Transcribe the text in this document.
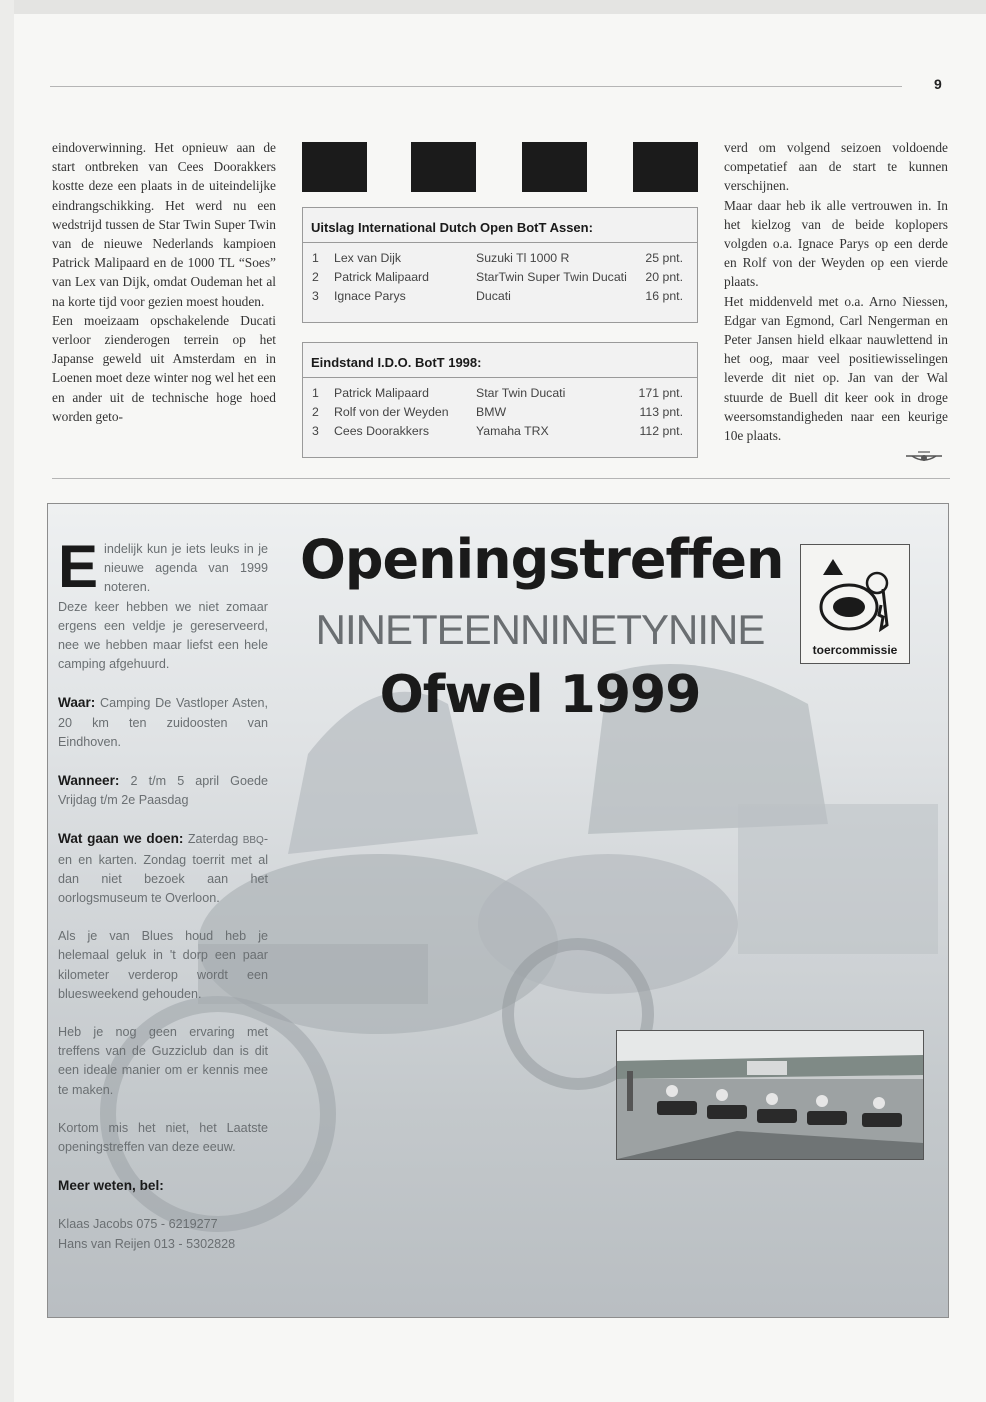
9

eindoverwinning. Het opnieuw aan de start ontbreken van Cees Doorakkers kostte deze een plaats in de uiteindelijke eindrangschikking. Het werd nu een wedstrijd tussen de Star Twin Super Twin van de nieuwe Nederlands kampioen Patrick Malipaard en de 1000 TL “Soes” van Lex van Dijk, omdat Oudeman het al na korte tijd voor gezien moest houden.

Een moeizaam opschakelende Ducati verloor zienderogen terrein op het Japanse geweld uit Amsterdam en in Loenen moet deze winter nog wel het een en ander uit de technische hoge hoed worden geto-

Uitslag International Dutch Open BotT Assen:
1 Lex van Dijk	Suzuki Tl 1000 R	25 pnt.
2 Patrick Malipaard	StarTwin Super Twin Ducati 20 pnt.
3 Ignace Parys	Ducati	16 pnt.
Eindstand I.D.O. BotT 1998:
1 Patrick Malipaard	Star Twin Ducati	171 pnt.
2 Rolf von der Weyden BMW	113 pnt.
3 Cees Doorakkers	Yamaha TRX	112 pnt.

verd om volgend seizoen voldoende competatief aan de start te kunnen verschijnen.

Maar daar heb ik alle vertrouwen in. In het kielzog van de beide koplopers volgden o.a. Ignace Parys op een derde en Rolf von der Weyden op een vierde plaats.

Het middenveld met o.a. Arno Niessen, Edgar van Egmond, Carl Nengerman en Peter Jansen hield elkaar nauwlettend in het oog, maar veel positiewisselingen leverde dit niet op. Jan van der Wal stuurde de Buell dit keer ook in droge weersomstandigheden naar een keurige 10e plaats.

Openingstreffen
NINETEENNINETYNINE
Ofwel 1999
toercommissie

Eindelijk kun je iets leuks in je nieuwe agenda van 1999 noteren.

Deze keer hebben we niet zomaar ergens een veldje je gereserveerd, nee we hebben maar liefst een hele camping afgehuurd.

Waar: Camping De Vastloper Asten, 20 km ten zuidoosten van Eindhoven.

Wanneer: 2 t/m 5 april Goede Vrijdag t/m 2e Paasdag

Wat gaan we doen: Zaterdag BBQ-en en karten. Zondag toerrit met al dan niet bezoek aan het oorlogsmuseum te Overloon.

Als je van Blues houd heb je helemaal geluk in 't dorp een paar kilometer verderop wordt een bluesweekend gehouden.

Heb je nog geen ervaring met treffens van de Guzziclub dan is dit een ideale manier om er kennis mee te maken.

Kortom mis het niet, het Laatste openingstreffen van deze eeuw.

Meer weten, bel:

Klaas Jacobs 075 - 6219277

Hans van Reijen 013 - 5302828
